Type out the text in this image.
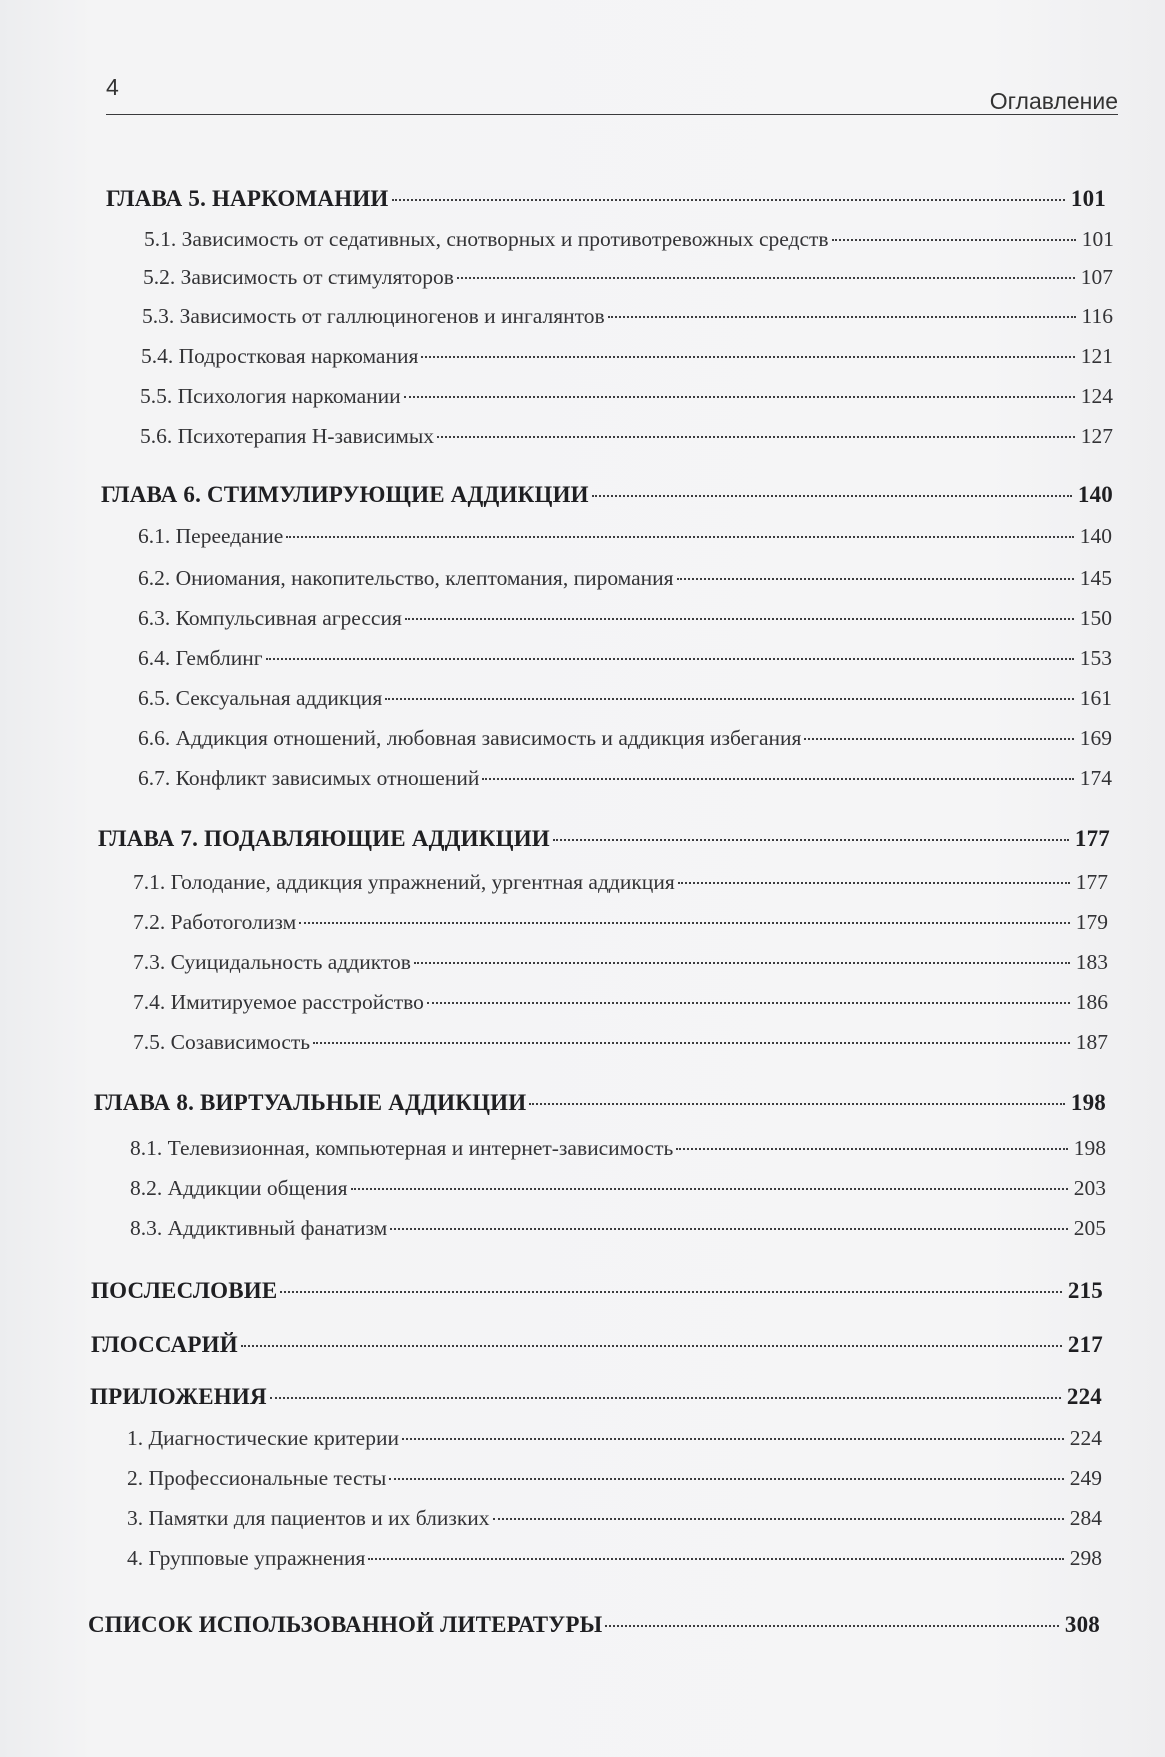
4
Оглавление
ГЛАВА 5. НАРКОМАНИИ	101
5.1. Зависимость от седативных, снотворных и противотревожных средств	101
5.2. Зависимость от стимуляторов	107
5.3. Зависимость от галлюциногенов и ингалянтов	116
5.4. Подростковая наркомания	121
5.5. Психология наркомании	124
5.6. Психотерапия Н-зависимых	127
ГЛАВА 6. СТИМУЛИРУЮЩИЕ АДДИКЦИИ	140
6.1. Переедание	140
6.2. Ониомания, накопительство, клептомания, пиромания	145
6.3. Компульсивная агрессия	150
6.4. Гемблинг	153
6.5. Сексуальная аддикция	161
6.6. Аддикция отношений, любовная зависимость и аддикция избегания	169
6.7. Конфликт зависимых отношений	174
ГЛАВА 7. ПОДАВЛЯЮЩИЕ АДДИКЦИИ	177
7.1. Голодание, аддикция упражнений, ургентная аддикция	177
7.2. Работоголизм	179
7.3. Суицидальность аддиктов	183
7.4. Имитируемое расстройство	186
7.5. Созависимость	187
ГЛАВА 8. ВИРТУАЛЬНЫЕ АДДИКЦИИ	198
8.1. Телевизионная, компьютерная и интернет-зависимость	198
8.2. Аддикции общения	203
8.3. Аддиктивный фанатизм	205
ПОСЛЕСЛОВИЕ	215
ГЛОССАРИЙ	217
ПРИЛОЖЕНИЯ	224
1. Диагностические критерии	224
2. Профессиональные тесты	249
3. Памятки для пациентов и их близких	284
4. Групповые упражнения	298
СПИСОК ИСПОЛЬЗОВАННОЙ ЛИТЕРАТУРЫ	308
